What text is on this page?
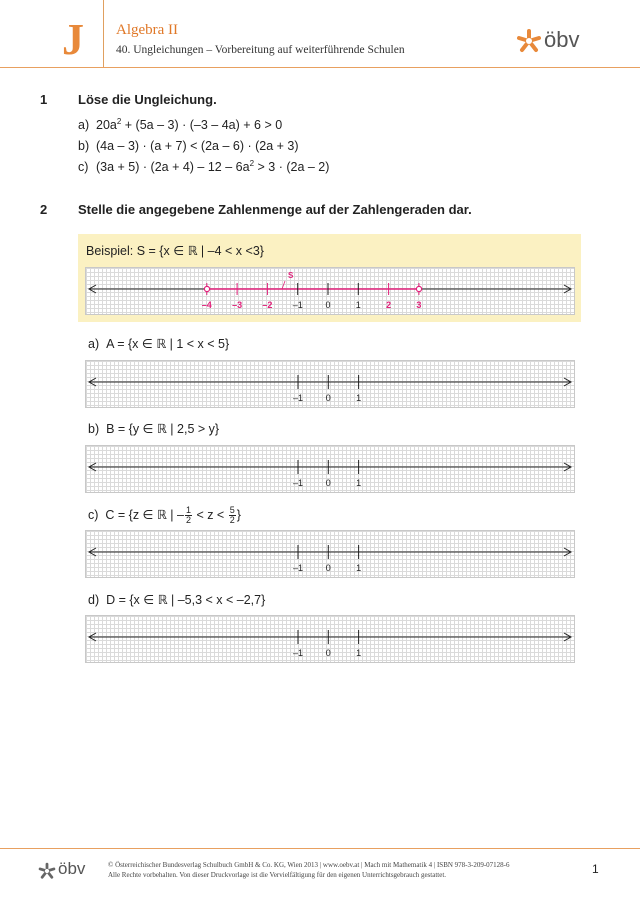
J Algebra II
40. Ungleichungen – Vorbereitung auf weiterführende Schulen	öbv
1 Löse die Ungleichung.
a) $20a^2 + (5a - 3) \cdot (-3 - 4a) + 6 > 0$
b) (4a – 3) · (a + 7) < (2a – 6) · (2a + 3)
c) $(3a + 5) \cdot (2a + 4) - 12 - 6a^2 > 3 \cdot (2a - 2)$
2 Stelle die angegebene Zahlenmenge auf der Zahlengeraden dar.
Beispiel: S = {x ∈ ℝ | –4 < x <3}
S
–4 –3 –2 –1	0	1	2	3
a) A = {x ∈ ℝ | 1 < x < 5}
–1	0	1
b) B = {y ∈ ℝ | 2,5 > y}
–1	0	1
c) C = {z ∈ ℝ | – $\frac{1}{2} < z < \frac{5}{2}$ }
–1	0	1
d) D = {x ∈ ℝ | –5,3 < x < –2,7}
–1	0	1
öbv	© Österreichischer Bundesverlag Schulbuch GmbH & Co. KG, Wien 2013 | www.oebv.at | Mach mit Mathematik 4 | ISBN 978-3-209-07128-6
Alle Rechte vorbehalten. Von dieser Druckvorlage ist die Vervielfältigung für den eigenen Unterrichtsgebrauch gestattet.	1
